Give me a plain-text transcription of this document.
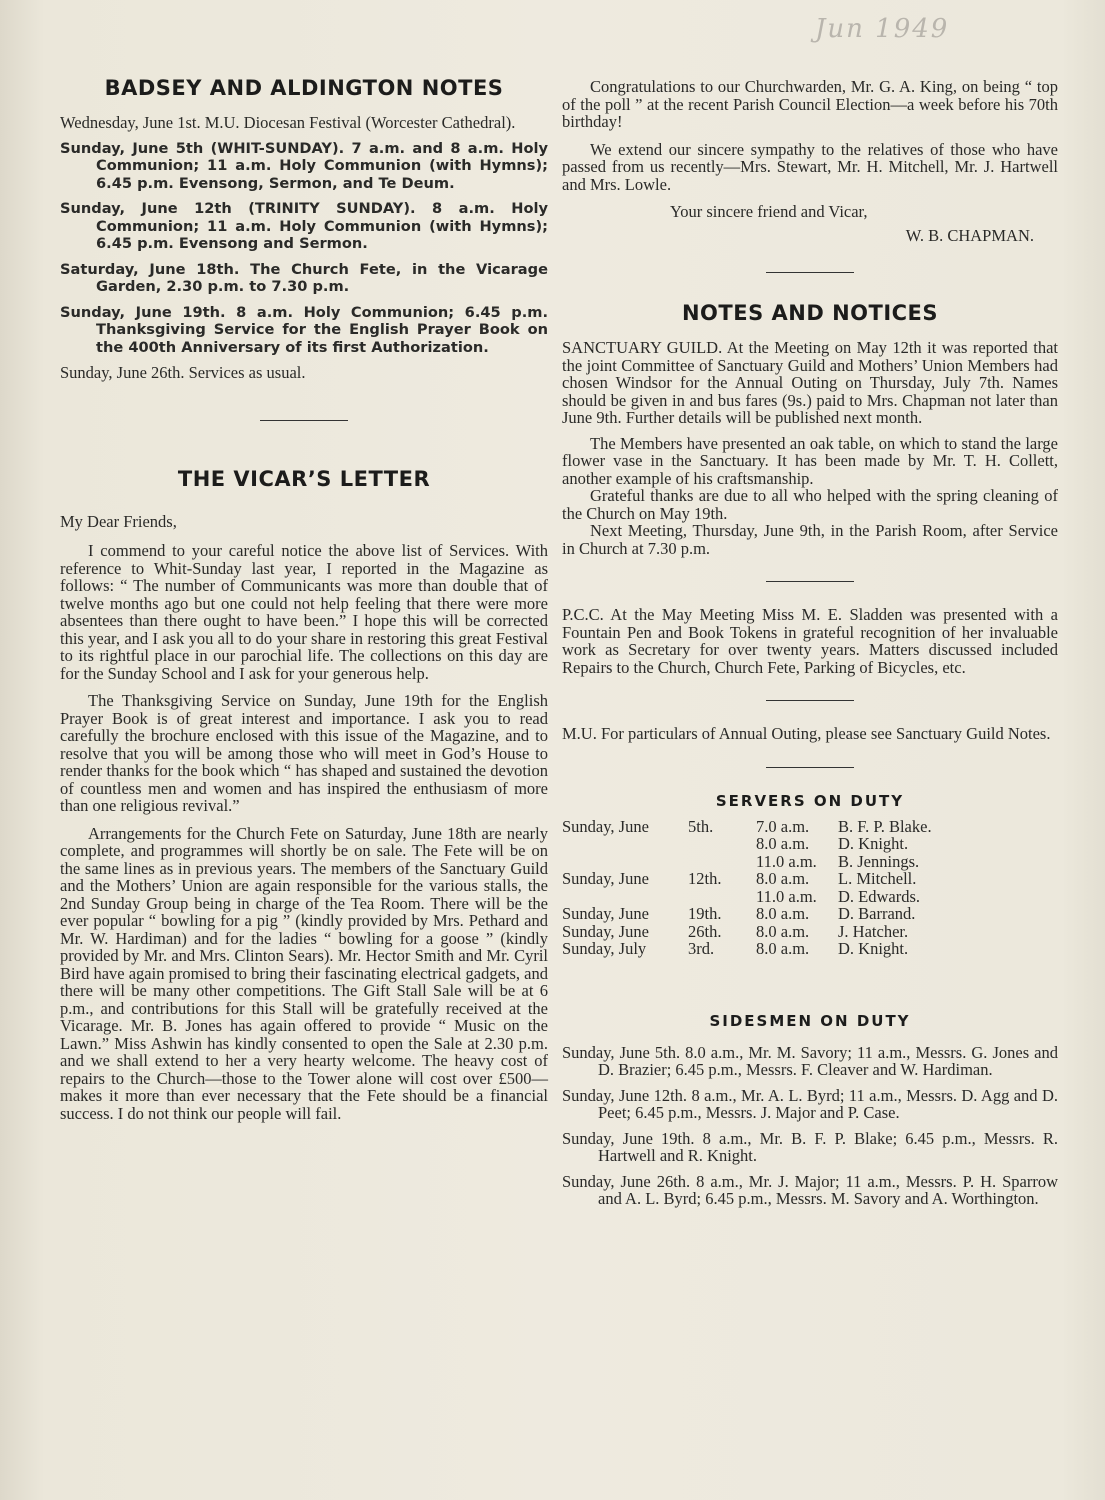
Jun 1949
BADSEY AND ALDINGTON NOTES

Wednesday, June 1st. M.U. Diocesan Festival (Worcester Cathedral).

Sunday, June 5th (WHIT-SUNDAY). 7 a.m. and 8 a.m. Holy Communion; 11 a.m. Holy Communion (with Hymns); 6.45 p.m. Evensong, Sermon, and Te Deum.
Sunday, June 12th (TRINITY SUNDAY). 8 a.m. Holy Communion; 11 a.m. Holy Communion (with Hymns); 6.45 p.m. Evensong and Sermon.
Saturday, June 18th. The Church Fete, in the Vicarage Garden, 2.30 p.m. to 7.30 p.m.
Sunday, June 19th. 8 a.m. Holy Communion; 6.45 p.m. Thanksgiving Service for the English Prayer Book on the 400th Anniversary of its first Authorization.

Sunday, June 26th. Services as usual.

THE VICAR’S LETTER

My Dear Friends,

I commend to your careful notice the above list of Services. With reference to Whit-Sunday last year, I reported in the Magazine as follows: “ The number of Communicants was more than double that of twelve months ago but one could not help feeling that there were more absentees than there ought to have been.” I hope this will be corrected this year, and I ask you all to do your share in restoring this great Festival to its rightful place in our parochial life. The collections on this day are for the Sunday School and I ask for your generous help.

The Thanksgiving Service on Sunday, June 19th for the English Prayer Book is of great interest and importance. I ask you to read carefully the brochure enclosed with this issue of the Magazine, and to resolve that you will be among those who will meet in God’s House to render thanks for the book which “ has shaped and sustained the devotion of countless men and women and has inspired the enthusiasm of more than one religious revival.”

Arrangements for the Church Fete on Saturday, June 18th are nearly complete, and programmes will shortly be on sale. The Fete will be on the same lines as in previous years. The members of the Sanctuary Guild and the Mothers’ Union are again responsible for the various stalls, the 2nd Sunday Group being in charge of the Tea Room. There will be the ever popular “ bowling for a pig ” (kindly provided by Mrs. Pethard and Mr. W. Hardiman) and for the ladies “ bowling for a goose ” (kindly provided by Mr. and Mrs. Clinton Sears). Mr. Hector Smith and Mr. Cyril Bird have again promised to bring their fascinating electrical gadgets, and there will be many other competitions. The Gift Stall Sale will be at 6 p.m., and contributions for this Stall will be gratefully received at the Vicarage. Mr. B. Jones has again offered to provide “ Music on the Lawn.” Miss Ashwin has kindly consented to open the Sale at 2.30 p.m. and we shall extend to her a very hearty welcome. The heavy cost of repairs to the Church—those to the Tower alone will cost over £500—makes it more than ever necessary that the Fete should be a financial success. I do not think our people will fail.

Congratulations to our Churchwarden, Mr. G. A. King, on being “ top of the poll ” at the recent Parish Council Election—a week before his 70th birthday!

We extend our sincere sympathy to the relatives of those who have passed from us recently—Mrs. Stewart, Mr. H. Mitchell, Mr. J. Hartwell and Mrs. Lowle.

Your sincere friend and Vicar,

W. B. CHAPMAN.

NOTES AND NOTICES

SANCTUARY GUILD. At the Meeting on May 12th it was reported that the joint Committee of Sanctuary Guild and Mothers’ Union Members had chosen Windsor for the Annual Outing on Thursday, July 7th. Names should be given in and bus fares (9s.) paid to Mrs. Chapman not later than June 9th. Further details will be published next month.

The Members have presented an oak table, on which to stand the large flower vase in the Sanctuary. It has been made by Mr. T. H. Collett, another example of his craftsmanship.

Grateful thanks are due to all who helped with the spring cleaning of the Church on May 19th.

Next Meeting, Thursday, June 9th, in the Parish Room, after Service in Church at 7.30 p.m.

P.C.C. At the May Meeting Miss M. E. Sladden was presented with a Fountain Pen and Book Tokens in grateful recognition of her invaluable work as Secretary for over twenty years. Matters discussed included Repairs to the Church, Church Fete, Parking of Bicycles, etc.

M.U. For particulars of Annual Outing, please see Sanctuary Guild Notes.

SERVERS ON DUTY
Sunday, June	5th.	7.0 a.m.	B. F. P. Blake.
		8.0 a.m.	D. Knight.
		11.0 a.m.	B. Jennings.
Sunday, June	12th.	8.0 a.m.	L. Mitchell.
		11.0 a.m.	D. Edwards.
Sunday, June	19th.	8.0 a.m.	D. Barrand.
Sunday, June	26th.	8.0 a.m.	J. Hatcher.
Sunday, July	3rd.	8.0 a.m.	D. Knight.
SIDESMEN ON DUTY

Sunday, June 5th. 8.0 a.m., Mr. M. Savory; 11 a.m., Messrs. G. Jones and D. Brazier; 6.45 p.m., Messrs. F. Cleaver and W. Hardiman.

Sunday, June 12th. 8 a.m., Mr. A. L. Byrd; 11 a.m., Messrs. D. Agg and D. Peet; 6.45 p.m., Messrs. J. Major and P. Case.

Sunday, June 19th. 8 a.m., Mr. B. F. P. Blake; 6.45 p.m., Messrs. R. Hartwell and R. Knight.

Sunday, June 26th. 8 a.m., Mr. J. Major; 11 a.m., Messrs. P. H. Sparrow and A. L. Byrd; 6.45 p.m., Messrs. M. Savory and A. Worthington.
